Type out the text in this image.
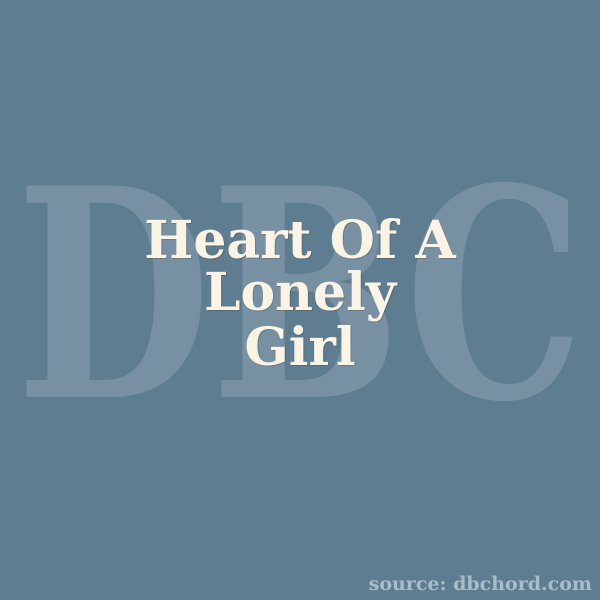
DBC
Heart Of A Lonely
Girl
source: dbchord.com
